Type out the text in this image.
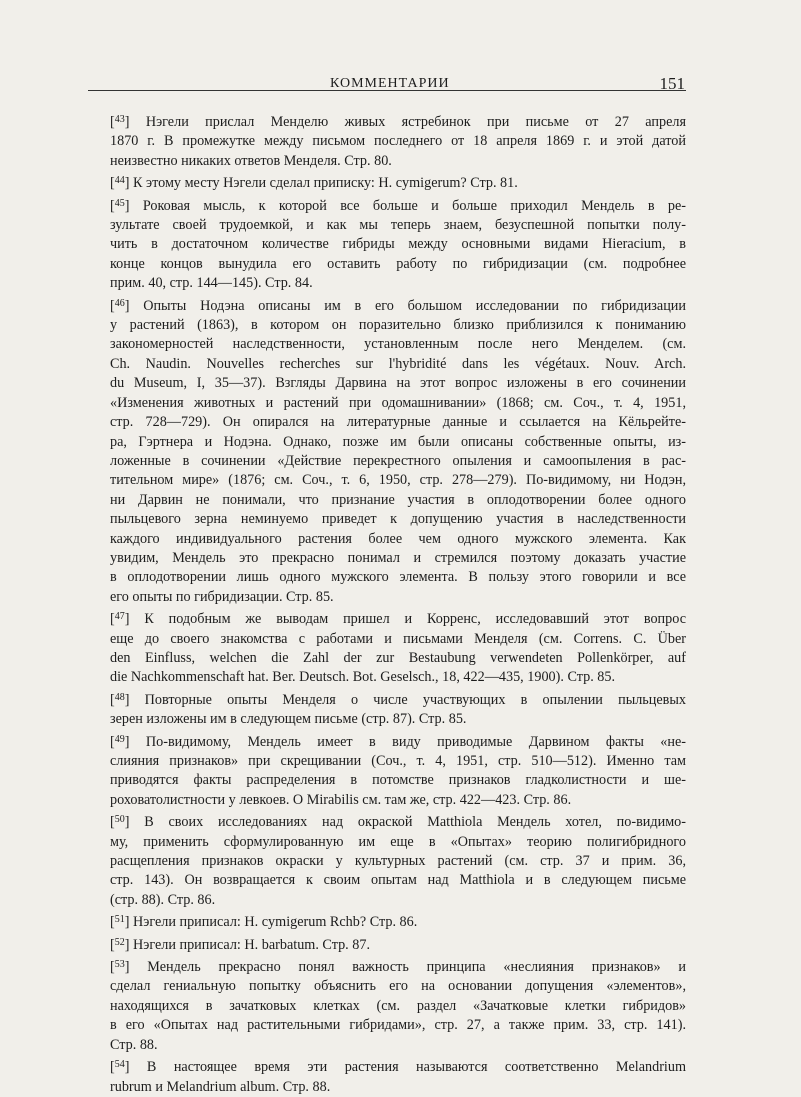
КОММЕНТАРИИ	151

[$^{43}$] Нэгели прислал Менделю живых ястребинок при письме от 27 апреля
1870 г. В промежутке между письмом последнего от 18 апреля 1869 г. и этой датой
неизвестно никаких ответов Менделя. Стр. 80.

[$^{44}$] К этому месту Нэгели сделал приписку: H. cymigerum? Стр. 81.

[$^{45}$] Роковая мысль, к которой все больше и больше приходил Мендель в ре-
зультате своей трудоемкой, и как мы теперь знаем, безуспешной попытки полу-
чить в достаточном количестве гибриды между основными видами Hieracium, в
конце концов вынудила его оставить работу по гибридизации (см. подробнее
прим. 40, стр. 144—145). Стр. 84.

[$^{46}$] Опыты Нодэна описаны им в его большом исследовании по гибридизации
у растений (1863), в котором он поразительно близко приблизился к пониманию
закономерностей наследственности, установленным после него Менделем. (см.
Ch. Naudin. Nouvelles recherches sur l'hybridité dans les végétaux. Nouv. Arch.
du Museum, I, 35—37). Взгляды Дарвина на этот вопрос изложены в его сочинении
«Изменения животных и растений при одомашнивании» (1868; см. Соч., т. 4, 1951,
стр. 728—729). Он опирался на литературные данные и ссылается на Кёльрейте-
ра, Гэртнера и Нодэна. Однако, позже им были описаны собственные опыты, из-
ложенные в сочинении «Действие перекрестного опыления и самоопыления в рас-
тительном мире» (1876; см. Соч., т. 6, 1950, стр. 278—279). По-видимому, ни Нодэн,
ни Дарвин не понимали, что признание участия в оплодотворении более одного
пыльцевого зерна неминуемо приведет к допущению участия в наследственности
каждого индивидуального растения более чем одного мужского элемента. Как
увидим, Мендель это прекрасно понимал и стремился поэтому доказать участие
в оплодотворении лишь одного мужского элемента. В пользу этого говорили и все
его опыты по гибридизации. Стр. 85.

[$^{47}$] К подобным же выводам пришел и Корренс, исследовавший этот вопрос
еще до своего знакомства с работами и письмами Менделя (см. Correns. C. Über
den Einfluss, welchen die Zahl der zur Bestaubung verwendeten Pollenkörper, auf
die Nachkommenschaft hat. Ber. Deutsch. Bot. Geselsch., 18, 422—435, 1900). Стр. 85.

[$^{48}$] Повторные опыты Менделя о числе участвующих в опылении пыльцевых
зерен изложены им в следующем письме (стр. 87). Стр. 85.

[$^{49}$] По-видимому, Мендель имеет в виду приводимые Дарвином факты «не-
слияния признаков» при скрещивании (Соч., т. 4, 1951, стр. 510—512). Именно там
приводятся факты распределения в потомстве признаков гладколистности и ше-
роховатолистности у левкоев. О Mirabilis см. там же, стр. 422—423. Стр. 86.

[$^{50}$] В своих исследованиях над окраской Matthiola Мендель хотел, по-видимо-
му, применить сформулированную им еще в «Опытах» теорию полигибридного
расщепления признаков окраски у культурных растений (см. стр. 37 и прим. 36,
стр. 143). Он возвращается к своим опытам над Matthiola и в следующем письме
(стр. 88). Стр. 86.

[$^{51}$] Нэгели приписал: H. cymigerum Rchb? Стр. 86.

[$^{52}$] Нэгели приписал: H. barbatum. Стр. 87.

[$^{53}$] Мендель прекрасно понял важность принципа «неслияния признаков» и
сделал гениальную попытку объяснить его на основании допущения «элементов»,
находящихся в зачатковых клетках (см. раздел «Зачатковые клетки гибридов»
в его «Опытах над растительными гибридами», стр. 27, а также прим. 33, стр. 141).
Стр. 88.

[$^{54}$] В настоящее время эти растения называются соответственно Melandrium
rubrum и Melandrium album. Стр. 88.
